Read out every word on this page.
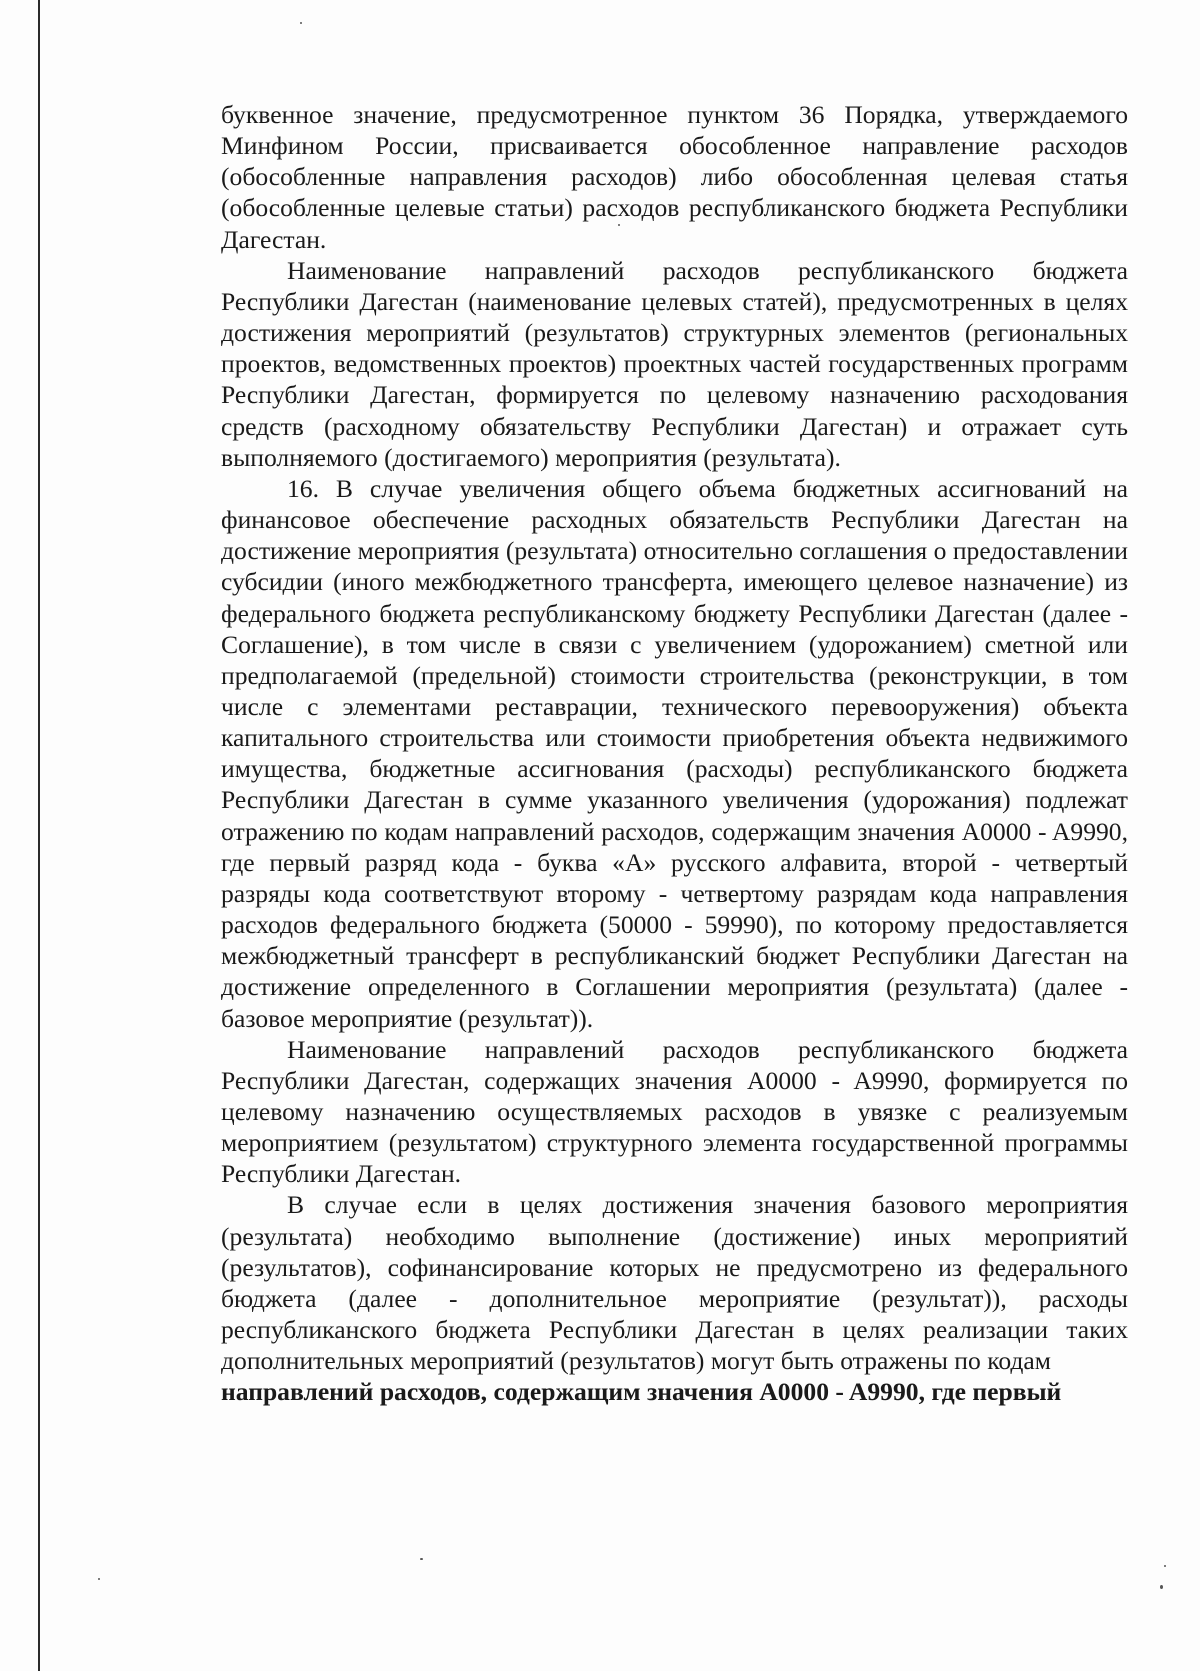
буквенное значение, предусмотренное пунктом 36 Порядка, утверждаемого Минфином России, присваивается обособленное направление расходов (обособленные направления расходов) либо обособленная целевая статья (обособленные целевые статьи) расходов республиканского бюджета Республики Дагестан.

Наименование направлений расходов республиканского бюджета Республики Дагестан (наименование целевых статей), предусмотренных в целях достижения мероприятий (результатов) структурных элементов (региональных проектов, ведомственных проектов) проектных частей государственных программ Республики Дагестан, формируется по целевому назначению расходования средств (расходному обязательству Республики Дагестан) и отражает суть выполняемого (достигаемого) мероприятия (результата).

16. В случае увеличения общего объема бюджетных ассигнований на финансовое обеспечение расходных обязательств Республики Дагестан на достижение мероприятия (результата) относительно соглашения о предоставлении субсидии (иного межбюджетного трансферта, имеющего целевое назначение) из федерального бюджета республиканскому бюджету Республики Дагестан (далее - Соглашение), в том числе в связи с увеличением (удорожанием) сметной или предполагаемой (предельной) стоимости строительства (реконструкции, в том числе с элементами реставрации, технического перевооружения) объекта капитального строительства или стоимости приобретения объекта недвижимого имущества, бюджетные ассигнования (расходы) республиканского бюджета Республики Дагестан в сумме указанного увеличения (удорожания) подлежат отражению по кодам направлений расходов, содержащим значения A0000 - A9990, где первый разряд кода - буква «А» русского алфавита, второй - четвертый разряды кода соответствуют второму - четвертому разрядам кода направления расходов федерального бюджета (50000 - 59990), по которому предоставляется межбюджетный трансферт в республиканский бюджет Республики Дагестан на достижение определенного в Соглашении мероприятия (результата) (далее - базовое мероприятие (результат)).

Наименование направлений расходов республиканского бюджета Республики Дагестан, содержащих значения A0000 - A9990, формируется по целевому назначению осуществляемых расходов в увязке с реализуемым мероприятием (результатом) структурного элемента государственной программы Республики Дагестан.

В случае если в целях достижения значения базового мероприятия (результата) необходимо выполнение (достижение) иных мероприятий (результатов), софинансирование которых не предусмотрено из федерального бюджета (далее - дополнительное мероприятие (результат)), расходы республиканского бюджета Республики Дагестан в целях реализации таких дополнительных мероприятий (результатов) могут быть отражены по кодам

направлений расходов, содержащим значения A0000 - A9990, где первый
